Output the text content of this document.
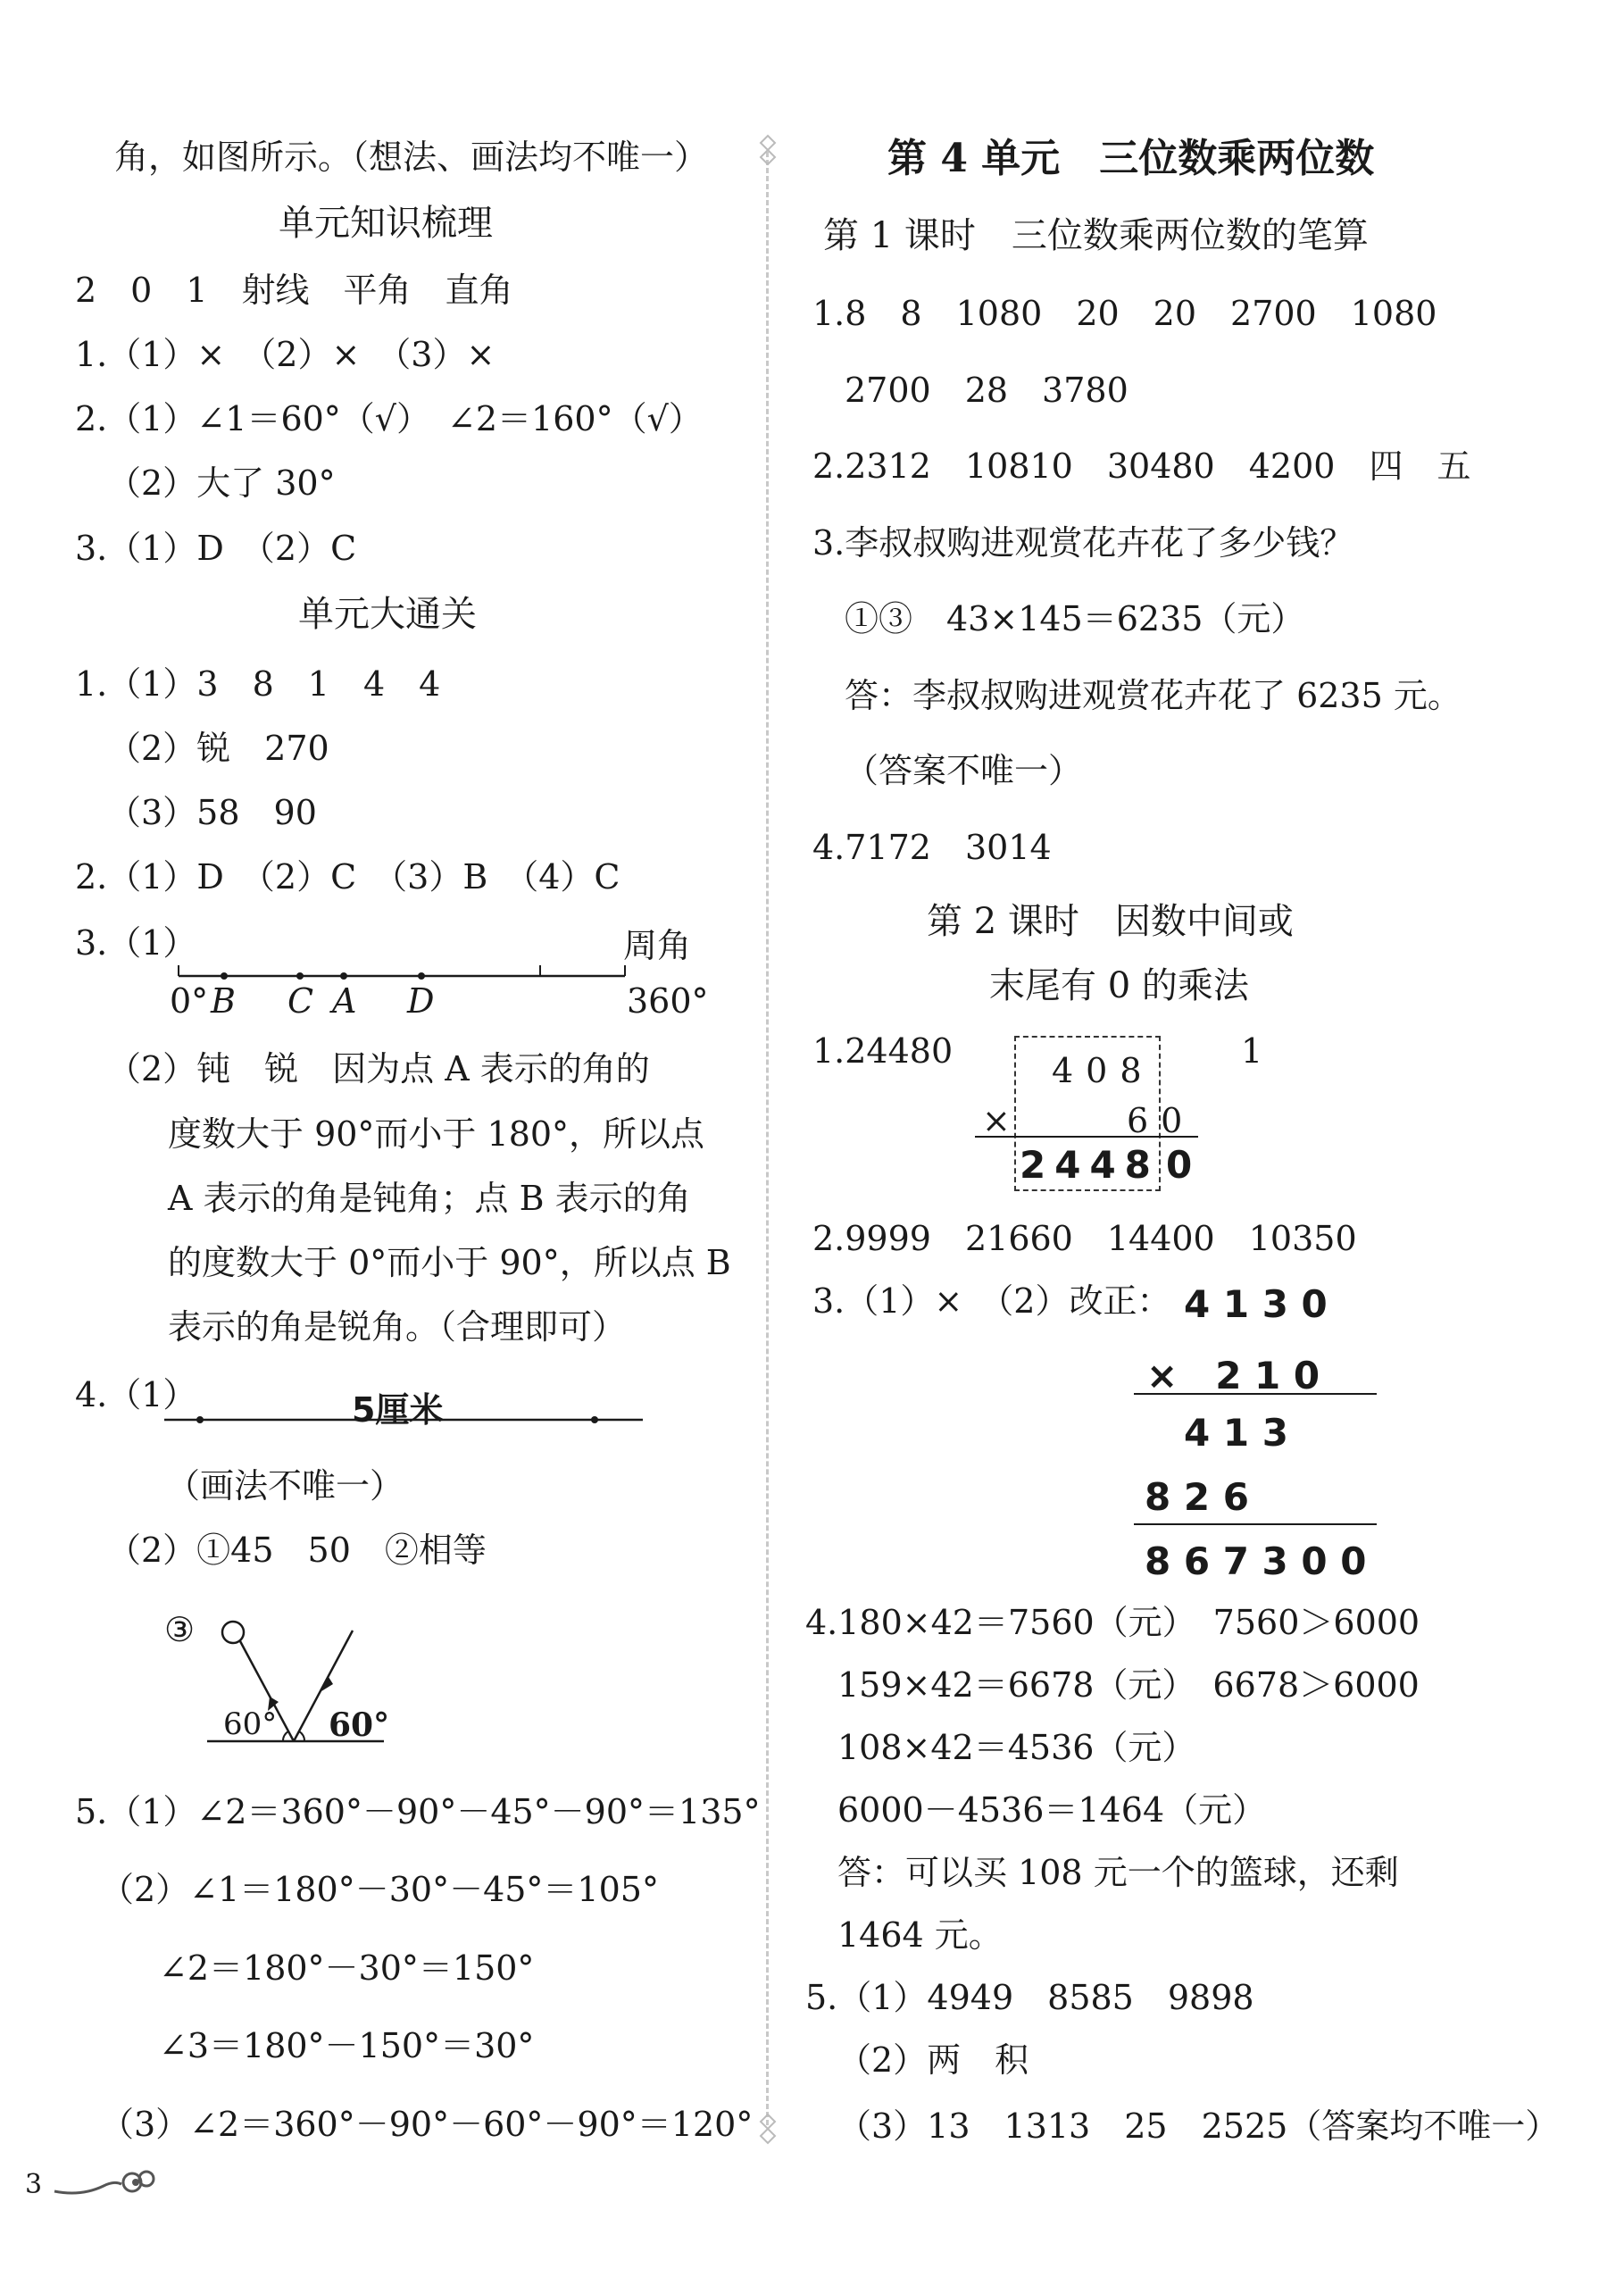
角，如图所示。（想法、画法均不唯一）
单元知识梳理
2　0　1　射线　平角　直角
1.（1）×　（2）×　（3）×
2.（1）∠1＝60°（√）　∠2＝160°（√）
（2）大了 30°
3.（1）D　（2）C
单元大通关
1.（1）3　8　1　4　4
（2）锐　270
（3）58　90
2.（1）D　（2）C　（3）B　（4）C
3.（1）	周角
0° B C A D	360°
（2）钝　锐　因为点 A 表示的角的
度数大于 90°而小于 180°，所以点
A 表示的角是钝角；点 B 表示的角
的度数大于 0°而小于 90°，所以点 B
表示的角是锐角。（合理即可）
4.（1）	5厘米
（画法不唯一）
（2）①45　50　②相等
③
60° 60°
5.（1）∠2＝360°－90°－45°－90°＝135°
（2）∠1＝180°－30°－45°＝105°
∠2＝180°－30°＝150°
∠3＝180°－150°＝30°
（3）∠2＝360°－90°－60°－90°＝120°
3
第 4 单元　三位数乘两位数
第 1 课时　三位数乘两位数的笔算
1.8　8　1080　20　20　2700　1080
2700　28　3780
2.2312　10810　30480　4200　四　五
3.李叔叔购进观赏花卉花了多少钱？
①③　43×145＝6235（元）
答：李叔叔购进观赏花卉花了 6235 元。
（答案不唯一）
4.7172　3014
第 2 课时　因数中间或
末尾有 0 的乘法
1.24480	1
408
×	60
2448 0
2.9999　21660　14400　10350
3.（1）×　（2）改正： 4 1 3 0
×　2 1 0
4 1 3
8 2 6
8 6 7 3 0 0
4.180×42＝7560（元）　7560＞6000
159×42＝6678（元）　6678＞6000
108×42＝4536（元）
6000－4536＝1464（元）
答：可以买 108 元一个的篮球，还剩
1464 元。
5.（1）4949　8585　9898
（2）两　积
（3）13　1313　25　2525（答案均不唯一）
